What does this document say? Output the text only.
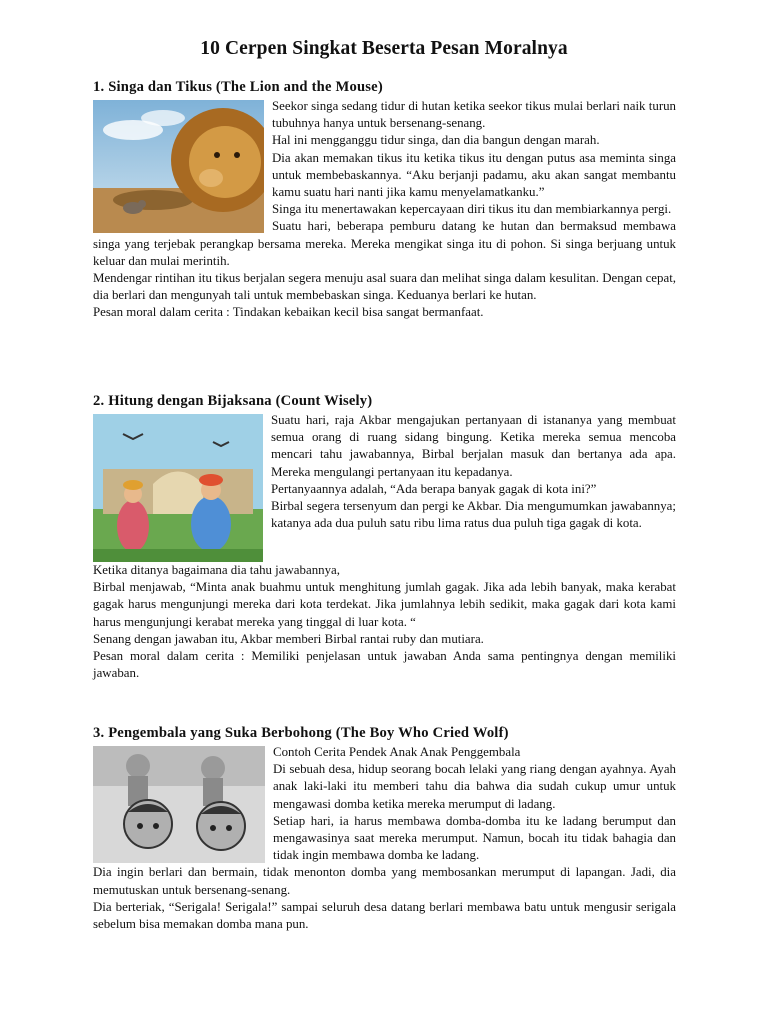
10 Cerpen Singkat Beserta Pesan Moralnya
1. Singa dan Tikus (The Lion and the Mouse)

Seekor singa sedang tidur di hutan ketika seekor tikus mulai berlari naik turun tubuhnya hanya untuk bersenang-senang.

Hal ini mengganggu tidur singa, dan dia bangun dengan marah.

Dia akan memakan tikus itu ketika tikus itu dengan putus asa meminta singa untuk membebaskannya. “Aku berjanji padamu, aku akan sangat membantu kamu suatu hari nanti jika kamu menyelamatkanku.”

Singa itu menertawakan kepercayaan diri tikus itu dan membiarkannya pergi.

Suatu hari, beberapa pemburu datang ke hutan dan bermaksud membawa singa yang terjebak perangkap bersama mereka. Mereka mengikat singa itu di pohon. Si singa berjuang untuk keluar dan mulai merintih.

Mendengar rintihan itu tikus berjalan segera menuju asal suara dan melihat singa dalam kesulitan. Dengan cepat, dia berlari dan mengunyah tali untuk membebaskan singa. Keduanya berlari ke hutan.

Pesan moral dalam cerita : Tindakan kebaikan kecil bisa sangat bermanfaat.

2. Hitung dengan Bijaksana (Count Wisely)

Suatu hari, raja Akbar mengajukan pertanyaan di istananya yang membuat semua orang di ruang sidang bingung. Ketika mereka semua mencoba mencari tahu jawabannya, Birbal berjalan masuk dan bertanya ada apa. Mereka mengulangi pertanyaan itu kepadanya.

Pertanyaannya adalah, “Ada berapa banyak gagak di kota ini?”

Birbal segera tersenyum dan pergi ke Akbar. Dia mengumumkan jawabannya; katanya ada dua puluh satu ribu lima ratus dua puluh tiga gagak di kota.

Ketika ditanya bagaimana dia tahu jawabannya,

Birbal menjawab, “Minta anak buahmu untuk menghitung jumlah gagak. Jika ada lebih banyak, maka kerabat gagak harus mengunjungi mereka dari kota terdekat. Jika jumlahnya lebih sedikit, maka gagak dari kota kami harus mengunjungi kerabat mereka yang tinggal di luar kota. “

Senang dengan jawaban itu, Akbar memberi Birbal rantai ruby dan mutiara.

Pesan moral dalam cerita : Memiliki penjelasan untuk jawaban Anda sama pentingnya dengan memiliki jawaban.

3. Pengembala yang Suka Berbohong (The Boy Who Cried Wolf)

Contoh Cerita Pendek Anak Anak Penggembala

Di sebuah desa, hidup seorang bocah lelaki yang riang dengan ayahnya. Ayah anak laki-laki itu memberi tahu dia bahwa dia sudah cukup umur untuk mengawasi domba ketika mereka merumput di ladang.

Setiap hari, ia harus membawa domba-domba itu ke ladang berumput dan mengawasinya saat mereka merumput. Namun, bocah itu tidak bahagia dan tidak ingin membawa domba ke ladang.

Dia ingin berlari dan bermain, tidak menonton domba yang membosankan merumput di lapangan. Jadi, dia memutuskan untuk bersenang-senang.

Dia berteriak, “Serigala! Serigala!” sampai seluruh desa datang berlari membawa batu untuk mengusir serigala sebelum bisa memakan domba mana pun.
